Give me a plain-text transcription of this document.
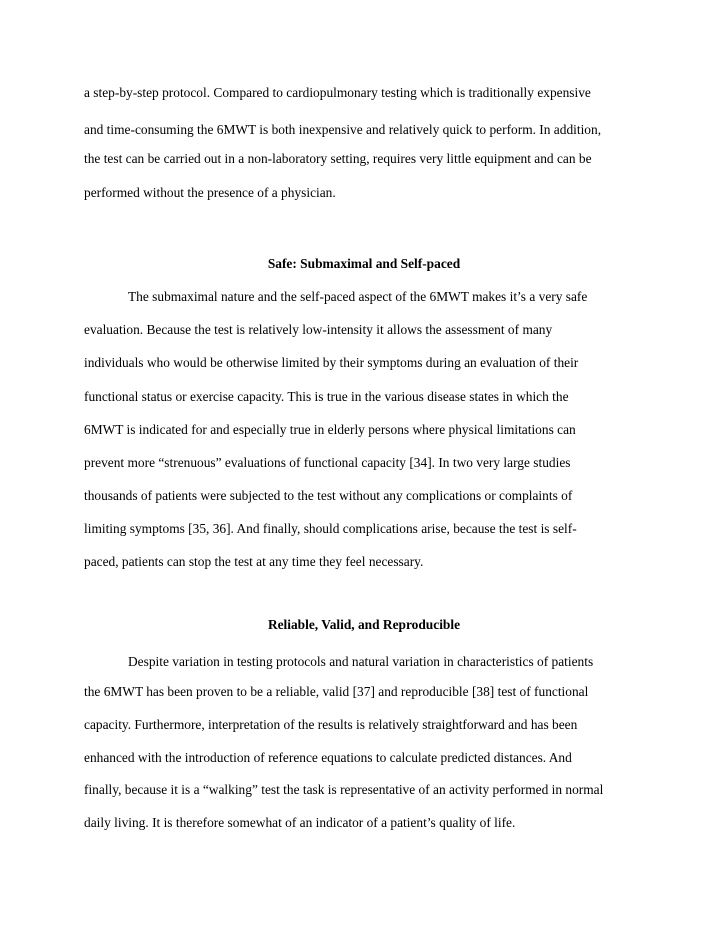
a step-by-step protocol. Compared to cardiopulmonary testing which is traditionally expensive
and time-consuming the 6MWT is both inexpensive and relatively quick to perform. In addition,
the test can be carried out in a non-laboratory setting, requires very little equipment and can be
performed without the presence of a physician.
Safe: Submaximal and Self-paced
The submaximal nature and the self-paced aspect of the 6MWT makes it’s a very safe
evaluation. Because the test is relatively low-intensity it allows the assessment of many
individuals who would be otherwise limited by their symptoms during an evaluation of their
functional status or exercise capacity. This is true in the various disease states in which the
6MWT is indicated for and especially true in elderly persons where physical limitations can
prevent more “strenuous” evaluations of functional capacity [34]. In two very large studies
thousands of patients were subjected to the test without any complications or complaints of
limiting symptoms [35, 36]. And finally, should complications arise, because the test is self-
paced, patients can stop the test at any time they feel necessary.
Reliable, Valid, and Reproducible
Despite variation in testing protocols and natural variation in characteristics of patients
the 6MWT has been proven to be a reliable, valid [37] and reproducible [38] test of functional
capacity. Furthermore, interpretation of the results is relatively straightforward and has been
enhanced with the introduction of reference equations to calculate predicted distances. And
finally, because it is a “walking” test the task is representative of an activity performed in normal
daily living. It is therefore somewhat of an indicator of a patient’s quality of life.
